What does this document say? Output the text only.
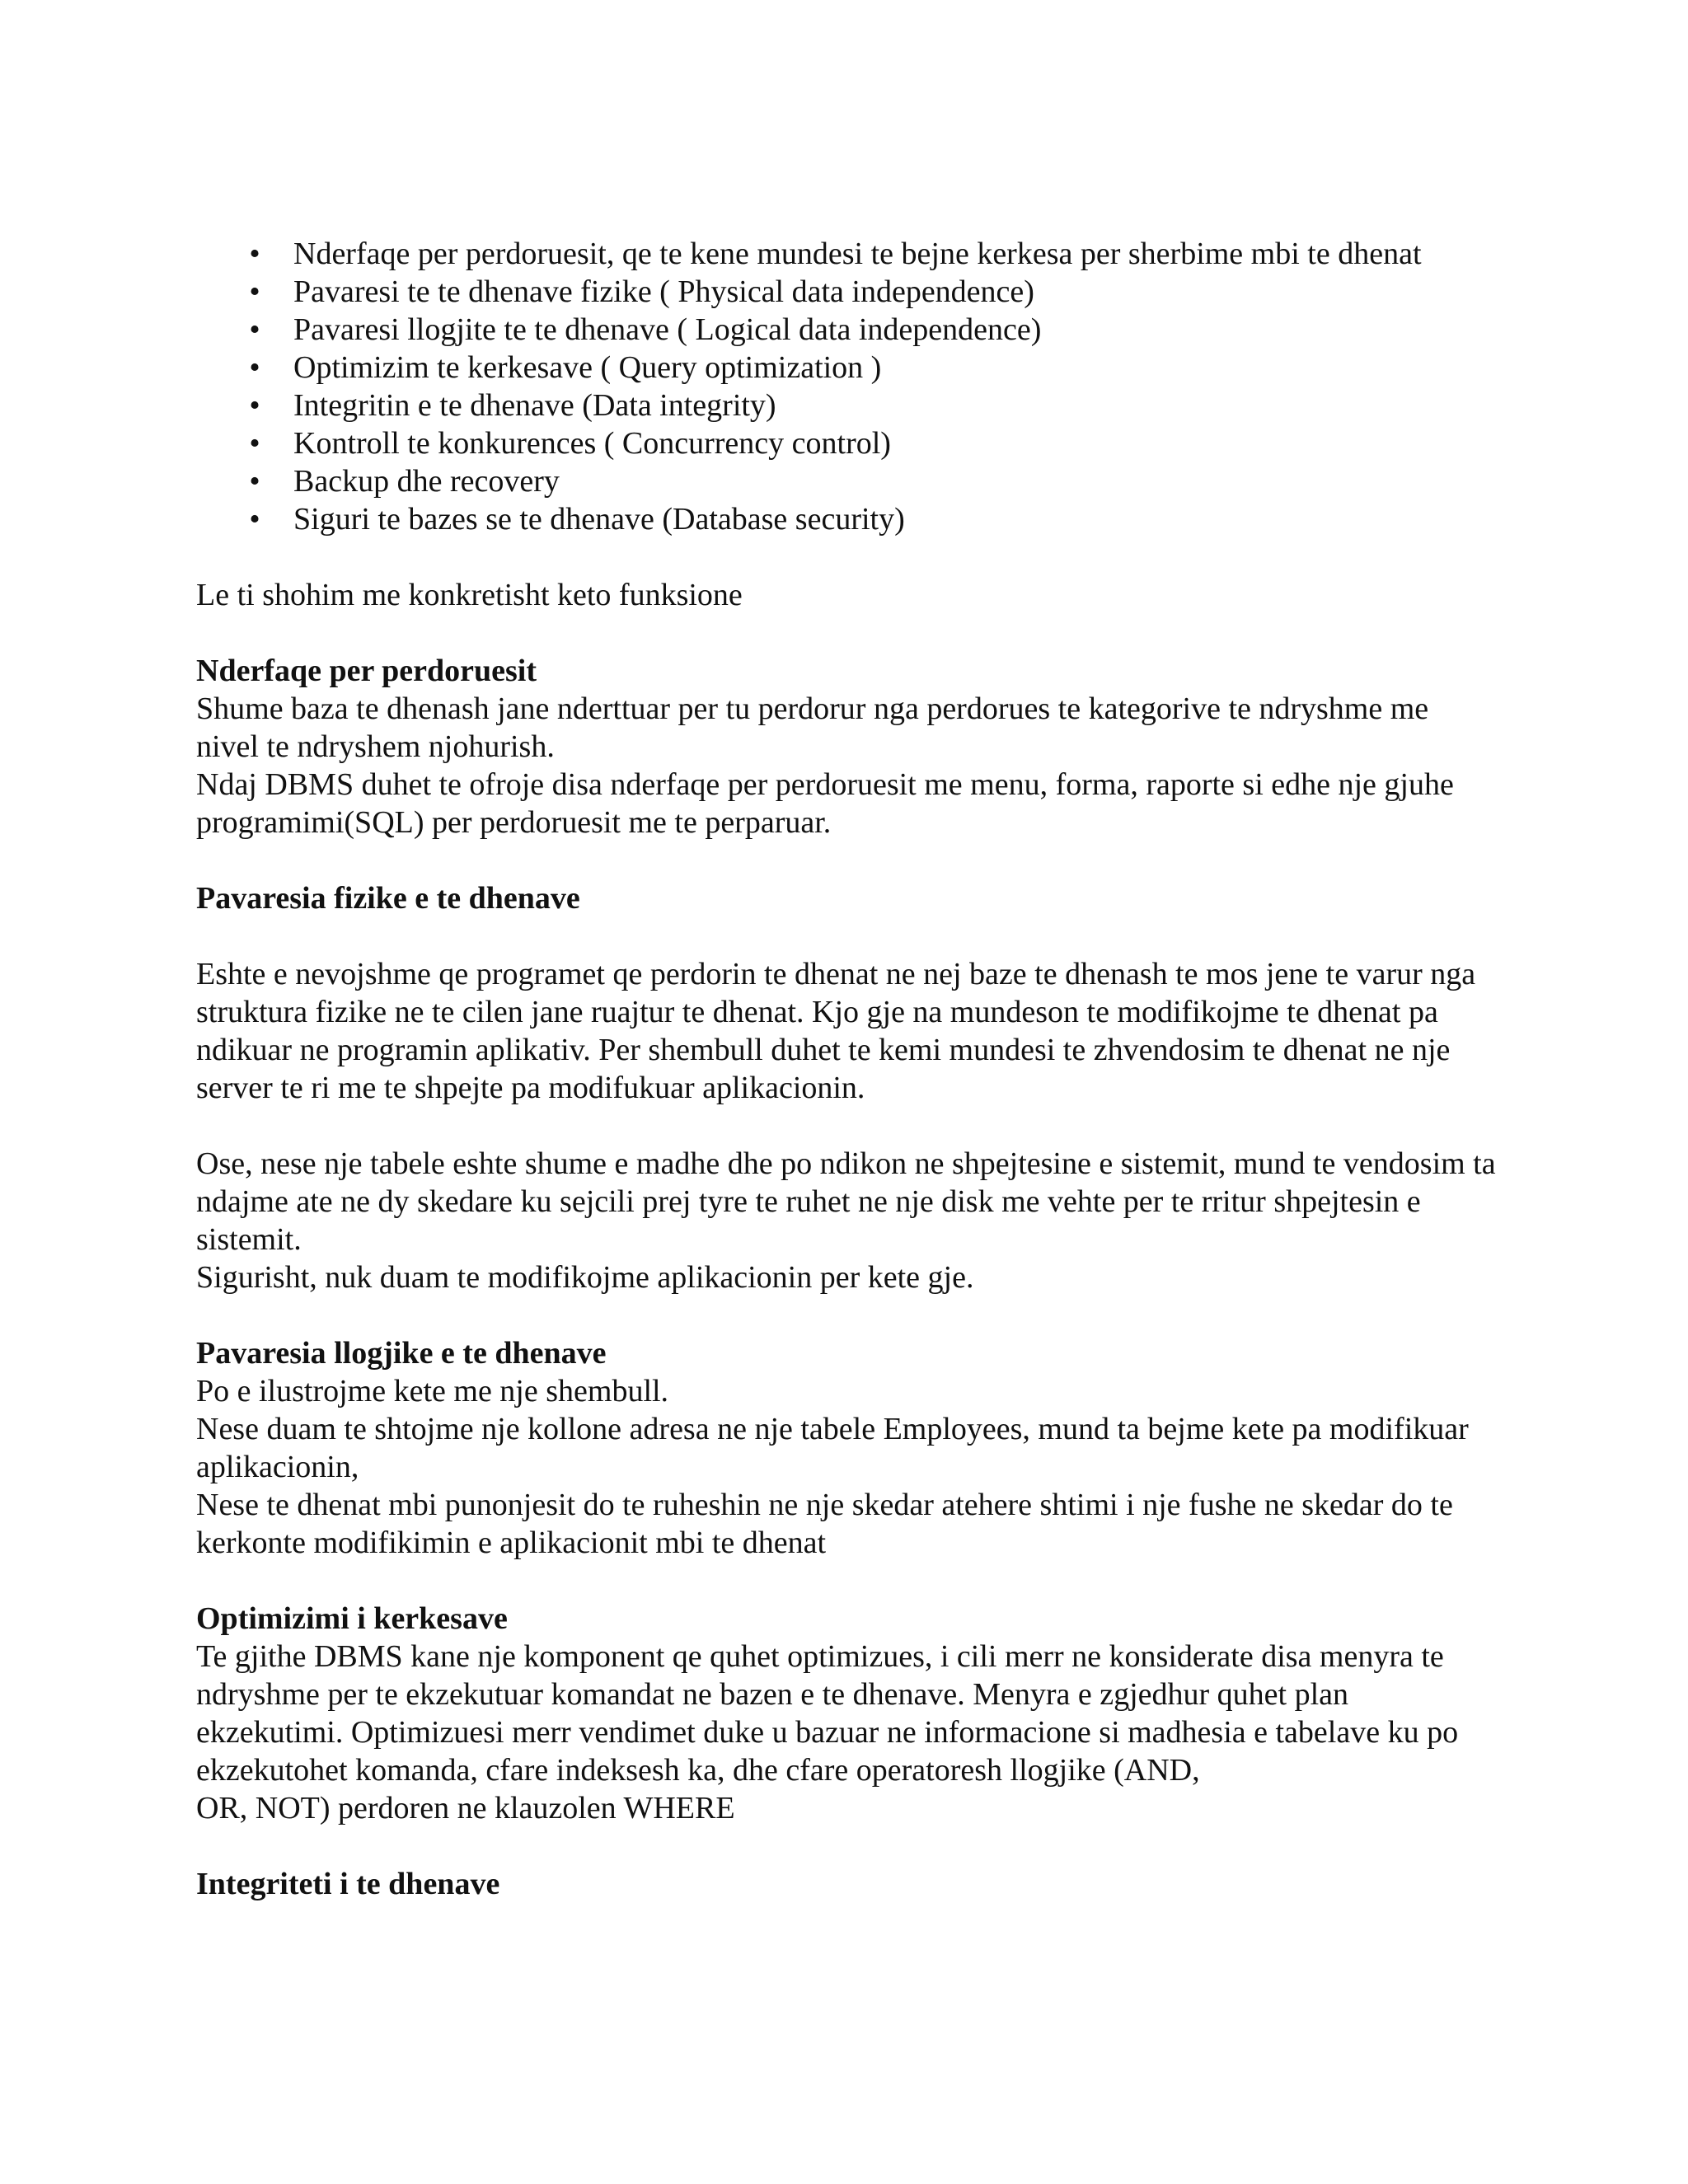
• Nderfaqe per perdoruesit, qe te kene mundesi te bejne kerkesa per sherbime mbi te dhenat
• Pavaresi te te dhenave fizike ( Physical data independence)
• Pavaresi llogjite te te dhenave ( Logical data independence)
• Optimizim te kerkesave ( Query optimization )
• Integritin e te dhenave (Data integrity)
• Kontroll te konkurences ( Concurrency control)
• Backup dhe recovery
• Siguri te bazes se te dhenave (Database security)

Le ti shohim me konkretisht keto funksione

Nderfaqe per perdoruesit

Shume baza te dhenash jane nderttuar per tu perdorur nga perdorues te kategorive te ndryshme me nivel te ndryshem njohurish.

Ndaj DBMS duhet te ofroje disa nderfaqe per perdoruesit me menu, forma, raporte si edhe nje gjuhe programimi(SQL) per perdoruesit me te perparuar.

Pavaresia fizike e te dhenave

Eshte e nevojshme qe programet qe perdorin te dhenat ne nej baze te dhenash te mos jene te varur nga struktura fizike ne te cilen jane ruajtur te dhenat. Kjo gje na mundeson te modifikojme te dhenat pa ndikuar ne programin aplikativ. Per shembull duhet te kemi mundesi te zhvendosim te dhenat ne nje server te ri me te shpejte pa modifukuar aplikacionin.

Ose, nese nje tabele eshte shume e madhe dhe po ndikon ne shpejtesine e sistemit, mund te vendosim ta ndajme ate ne dy skedare ku sejcili prej tyre te ruhet ne nje disk me vehte per te rritur shpejtesin e sistemit.

Sigurisht, nuk duam te modifikojme aplikacionin per kete gje.

Pavaresia llogjike e te dhenave

Po e ilustrojme kete me nje shembull.

Nese duam te shtojme nje kollone adresa ne nje tabele Employees, mund ta bejme kete pa modifikuar aplikacionin,

Nese te dhenat mbi punonjesit do te ruheshin ne nje skedar atehere shtimi i nje fushe ne skedar do te kerkonte modifikimin e aplikacionit mbi te dhenat

Optimizimi i kerkesave

Te gjithe DBMS kane nje komponent qe quhet optimizues, i cili merr ne konsiderate disa menyra te ndryshme per te ekzekutuar komandat ne bazen e te dhenave. Menyra e zgjedhur quhet plan ekzekutimi. Optimizuesi merr vendimet duke u bazuar ne informacione si madhesia e tabelave ku po ekzekutohet komanda, cfare indeksesh ka, dhe cfare operatoresh llogjike (AND,

OR, NOT) perdoren ne klauzolen WHERE

Integriteti i te dhenave
